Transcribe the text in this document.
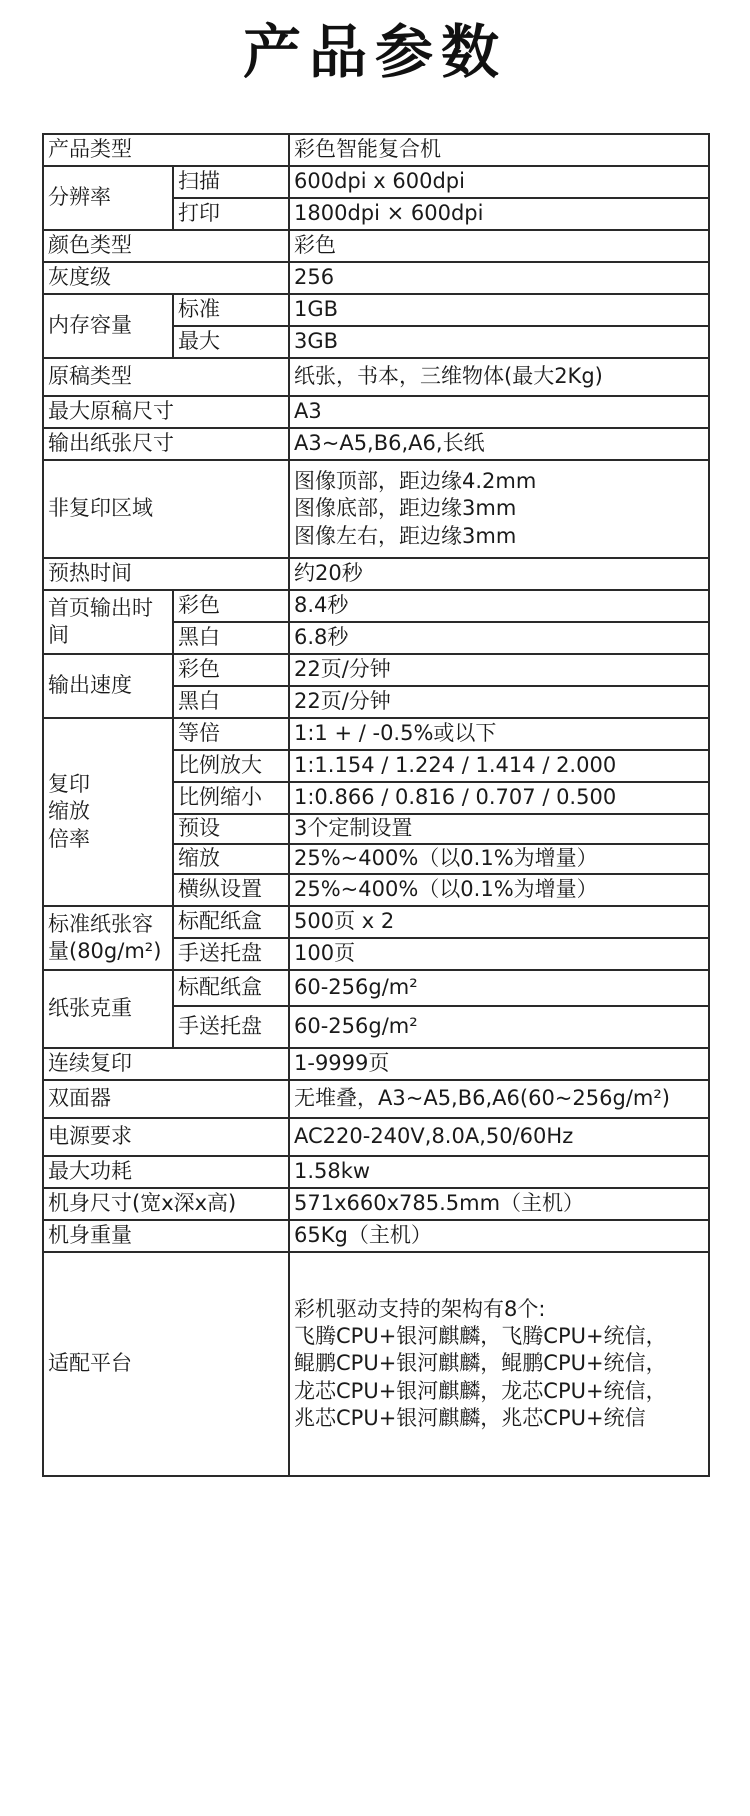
产品参数
产品类型		彩色智能复合机
分辨率	扫描	600dpi x 600dpi
	打印	1800dpi × 600dpi
颜色类型		彩色
灰度级		256
内存容量	标准	1GB
	最大	3GB
原稿类型		纸张，书本，三维物体(最大2Kg)
最大原稿尺寸		A3
输出纸张尺寸		A3~A5,B6,A6,长纸
非复印区域		图像顶部，距边缘4.2mm
图像底部，距边缘3mm
图像左右，距边缘3mm
预热时间		约20秒
首页输出时间	彩色	8.4秒
	黑白	6.8秒
输出速度	彩色	22页/分钟
	黑白	22页/分钟
复印
缩放
倍率	等倍	1:1 + / -0.5%或以下
	比例放大	1:1.154 / 1.224 / 1.414 / 2.000
	比例缩小	1:0.866 / 0.816 / 0.707 / 0.500
	预设	3个定制设置
	缩放	25%~400%（以0.1%为增量）
	横纵设置	25%~400%（以0.1%为增量）
标准纸张容量(80g/m²)	标配纸盒	500页 x 2
	手送托盘	100页
纸张克重	标配纸盒	60-256g/m²
	手送托盘	60-256g/m²
连续复印		1-9999页
双面器		无堆叠，A3~A5,B6,A6(60~256g/m²)
电源要求		AC220-240V,8.0A,50/60Hz
最大功耗		1.58kw
机身尺寸(宽x深x高)		571x660x785.5mm（主机）
机身重量		65Kg（主机）
适配平台		彩机驱动支持的架构有8个:
飞腾CPU+银河麒麟，飞腾CPU+统信，
鲲鹏CPU+银河麒麟，鲲鹏CPU+统信，
龙芯CPU+银河麒麟，龙芯CPU+统信，
兆芯CPU+银河麒麟，兆芯CPU+统信
